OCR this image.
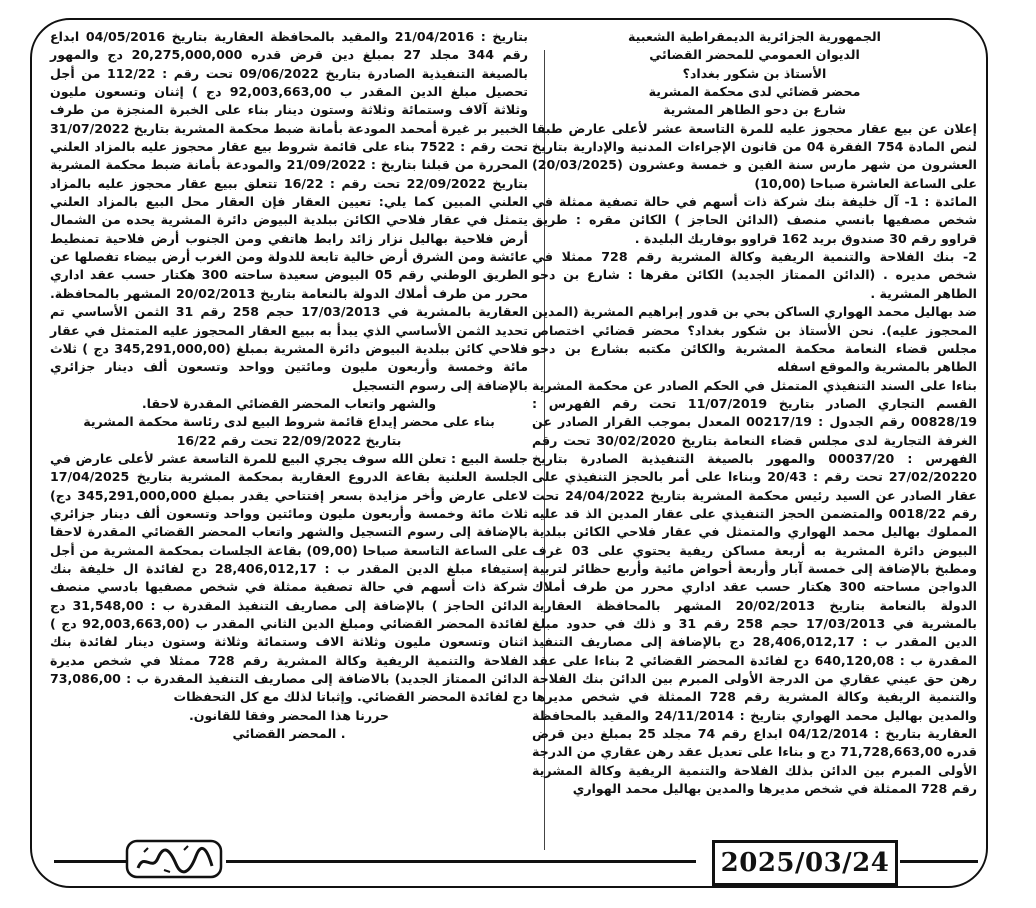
الجمهورية الجزائرية الديمقراطية الشعبية

الديوان العمومي للمحضر القضائي

الأستاذ بن شكور بغداد؟

محضر قضائي لدى محكمة المشرية

شارع بن دحو الطاهر المشرية

إعلان عن بيع عقار محجوز عليه للمرة التاسعة عشر لأعلى عارض طبقا لنص المادة 754 الفقرة 04 من قانون الإجراءات المدنية والإدارية بتاريخ العشرون من شهر مارس سنة الفين و خمسة وعشرون (20/03/2025) على الساعة العاشرة صباحا (10,00)
المائدة : 1- آل خليفة بنك شركة ذات أسهم في حالة تصفية ممثلة في شخص مصفيها بانسي منصف (الدائن الحاجز ) الكائن مقره : طريق قراوو رقم 30 صندوق بريد 162 قراوو بوفاريك البليدة .
2- بنك الفلاحة والتنمية الريفية وكالة المشرية رقم 728 ممثلا في شخص مديره . (الدائن الممتاز الجديد) الكائن مقرها : شارع بن دحو الطاهر المشرية .
ضد بهاليل محمد الهواري الساكن بحي بن قدور إبراهيم المشرية (المدين المحجوز عليه). نحن الأستاذ بن شكور بغداد؟ محضر قضائي اختصاص مجلس قضاء النعامة محكمة المشرية والكائن مكتبه بشارع بن دحو الطاهر بالمشرية والموقع اسفله
بناءا على السند التنفيذي المتمثل في الحكم الصادر عن محكمة المشرية القسم التجاري الصادر بتاريخ 11/07/2019 تحت رقم الفهرس : 00828/19 رقم الجدول : 00217/19 المعدل بموجب القرار الصادر عن الغرفة التجارية لدى مجلس قضاء النعامة بتاريخ 30/02/2020 تحت رقم الفهرس : 00037/20 والمهور بالصيغة التنفيذية الصادرة بتاريخ 27/02/20220 تحت رقم : 20/43 وبناءا على أمر بالحجز التنفيذي على عقار الصادر عن السيد رئيس محكمة المشرية بتاريخ 24/04/2022 تحت رقم 0018/22 والمتضمن الحجز التنفيذي على عقار المدين الذ قد عليه المملوك بهاليل محمد الهواري والمتمثل في عقار فلاحي الكائن ببلدية البيوض دائرة المشرية به أربعة مساكن ريفية يحتوي على 03 غرف ومطبخ بالإضافة إلى خمسة آبار وأربعة أحواض مائية وأربع حظائر لتربية الدواجن مساحته 300 هكتار حسب عقد اداري محرر من طرف أملاك الدولة بالنعامة بتاريخ 20/02/2013 المشهر بالمحافظة العقارية بالمشرية في 17/03/2013 حجم 258 رقم 31 و ذلك في حدود مبلغ الدين المقدر ب : 28,406,012,17 دج بالإضافة إلى مصاريف التنفيذ المقدرة ب : 640,120,08 دج لفائدة المحضر القضائي 2 بناءا على عقد رهن حق عيني عقاري من الدرجة الأولى المبرم بين الدائن بنك الفلاحة والتنمية الريفية وكالة المشرية رقم 728 الممثلة في شخص مديرها والمدين بهاليل محمد الهواري بتاريخ : 24/11/2014 والمقيد بالمحافظة العقارية بتاريخ : 04/12/2014 ابداع رقم 74 مجلد 25 بمبلغ دين قرض قدره 71,728,663,00 دج و بناءا على تعديل عقد رهن عقاري من الدرجة الأولى المبرم بين الدائن بذلك الفلاحة والتنمية الريفية وكالة المشرية رقم 728 الممثلة في شخص مديرها والمدين بهاليل محمد الهواري

بتاريخ : 21/04/2016 والمقيد بالمحافظة العقارية بتاريخ 04/05/2016 ابداع رقم 344 مجلد 27 بمبلغ دين قرض قدره 20,275,000,000 دج والمهور بالصيغة التنفيذية الصادرة بتاريخ 09/06/2022 تحت رقم : 112/22 من أجل تحصيل مبلغ الدين المقدر ب 92,003,663,00 دج ) إثنان وتسعون مليون وثلاثة آلاف وستمائة وثلاثة وستون دينار بناء على الخبرة المنجزة من طرف الخبير بر غيرة أمحمد المودعة بأمانة ضبط محكمة المشرية بتاريخ 31/07/2022 تحت رقم : 7522 بناء على قائمة شروط بيع عقار محجوز عليه بالمزاد العلني المحررة من قبلنا بتاريخ : 21/09/2022 والمودعة بأمانة ضبط محكمة المشرية بتاريخ 22/09/2022 تحت رقم : 16/22 تتعلق ببيع عقار محجوز عليه بالمزاد العلني المبين كما يلي: تعيين العقار فإن العقار محل البيع بالمزاد العلني يتمثل في عقار فلاحي الكائن ببلدية البيوض دائرة المشرية يحده من الشمال أرض فلاحية بهاليل نزار زائد رابط هاتفي ومن الجنوب أرض فلاحية تمنطيط عائشة ومن الشرق أرض خالية تابعة للدولة ومن الغرب أرض بيضاء تفصلها عن الطريق الوطني رقم 05 البيوض سعيدة ساحته 300 هكتار حسب عقد اداري محرر من طرف أملاك الدولة بالنعامة بتاريخ 20/02/2013 المشهر بالمحافظة. العقارية بالمشرية في 17/03/2013 حجم 258 رقم 31 الثمن الأساسي تم تحديد الثمن الأساسي الذي يبدأ به ببيع العقار المحجوز عليه المتمثل في عقار فلاحي كائن ببلدية البيوض دائرة المشرية بمبلغ (345,291,000,00 دج ) ثلاث مائة وخمسة وأربعون مليون ومائتين وواحد وتسعون ألف دينار جزائري بالإضافة إلى رسوم التسجيل

والشهر واتعاب المحضر القضائي المقدرة لاحقا.

بناء على محضر إيداع قائمة شروط البيع لدى رئاسة محكمة المشرية

بتاريخ 22/09/2022 تحت رقم 16/22

جلسة البيع : تعلن الله سوف يجري البيع للمرة التاسعة عشر لأعلى عارض في الجلسة العلنية بقاعة الدروع العقارية بمحكمة المشرية بتاريخ 17/04/2025 لاعلى عارض وأخر مزايدة بسعر إفتتاحي يقدر بمبلغ 345,291,000,000 دج) ثلاث مائة وخمسة وأربعون مليون ومائتين وواحد وتسعون ألف دينار جزائري بالإضافة إلى رسوم التسجيل والشهر واتعاب المحضر القضائي المقدرة لاحقا على الساعة التاسعة صباحا (09,00) بقاعة الجلسات بمحكمة المشرية من أجل إستيفاء مبلغ الدين المقدر ب : 28,406,012,17 دج لفائدة ال خليفة بنك شركة ذات أسهم في حالة تصفية ممثلة في شخص مصفيها بادسي منصف الدائن الحاجز ) بالإضافة إلى مصاريف التنفيذ المقدرة ب : 31,548,00 دج لفائدة المحضر القضائي ومبلغ الدين الثاني المقدر ب (92,003,663,00 دج ) اثنان وتسعون مليون وثلاثة الاف وستمائة وثلاثة وستون دينار لفائدة بنك الفلاحة والتنمية الريفية وكالة المشرية رقم 728 ممثلا في شخص مديرة الدائن الممتاز الجديد) بالاضافة إلى مصاريف التنفيذ المقدرة ب : 73,086,00 دج لفائدة المحضر القضائي. وإثباتا لذلك مع كل التحفظات

حررنا هذا المحضر وفقا للقانون.

. المحضر القضائي

2025/03/24
